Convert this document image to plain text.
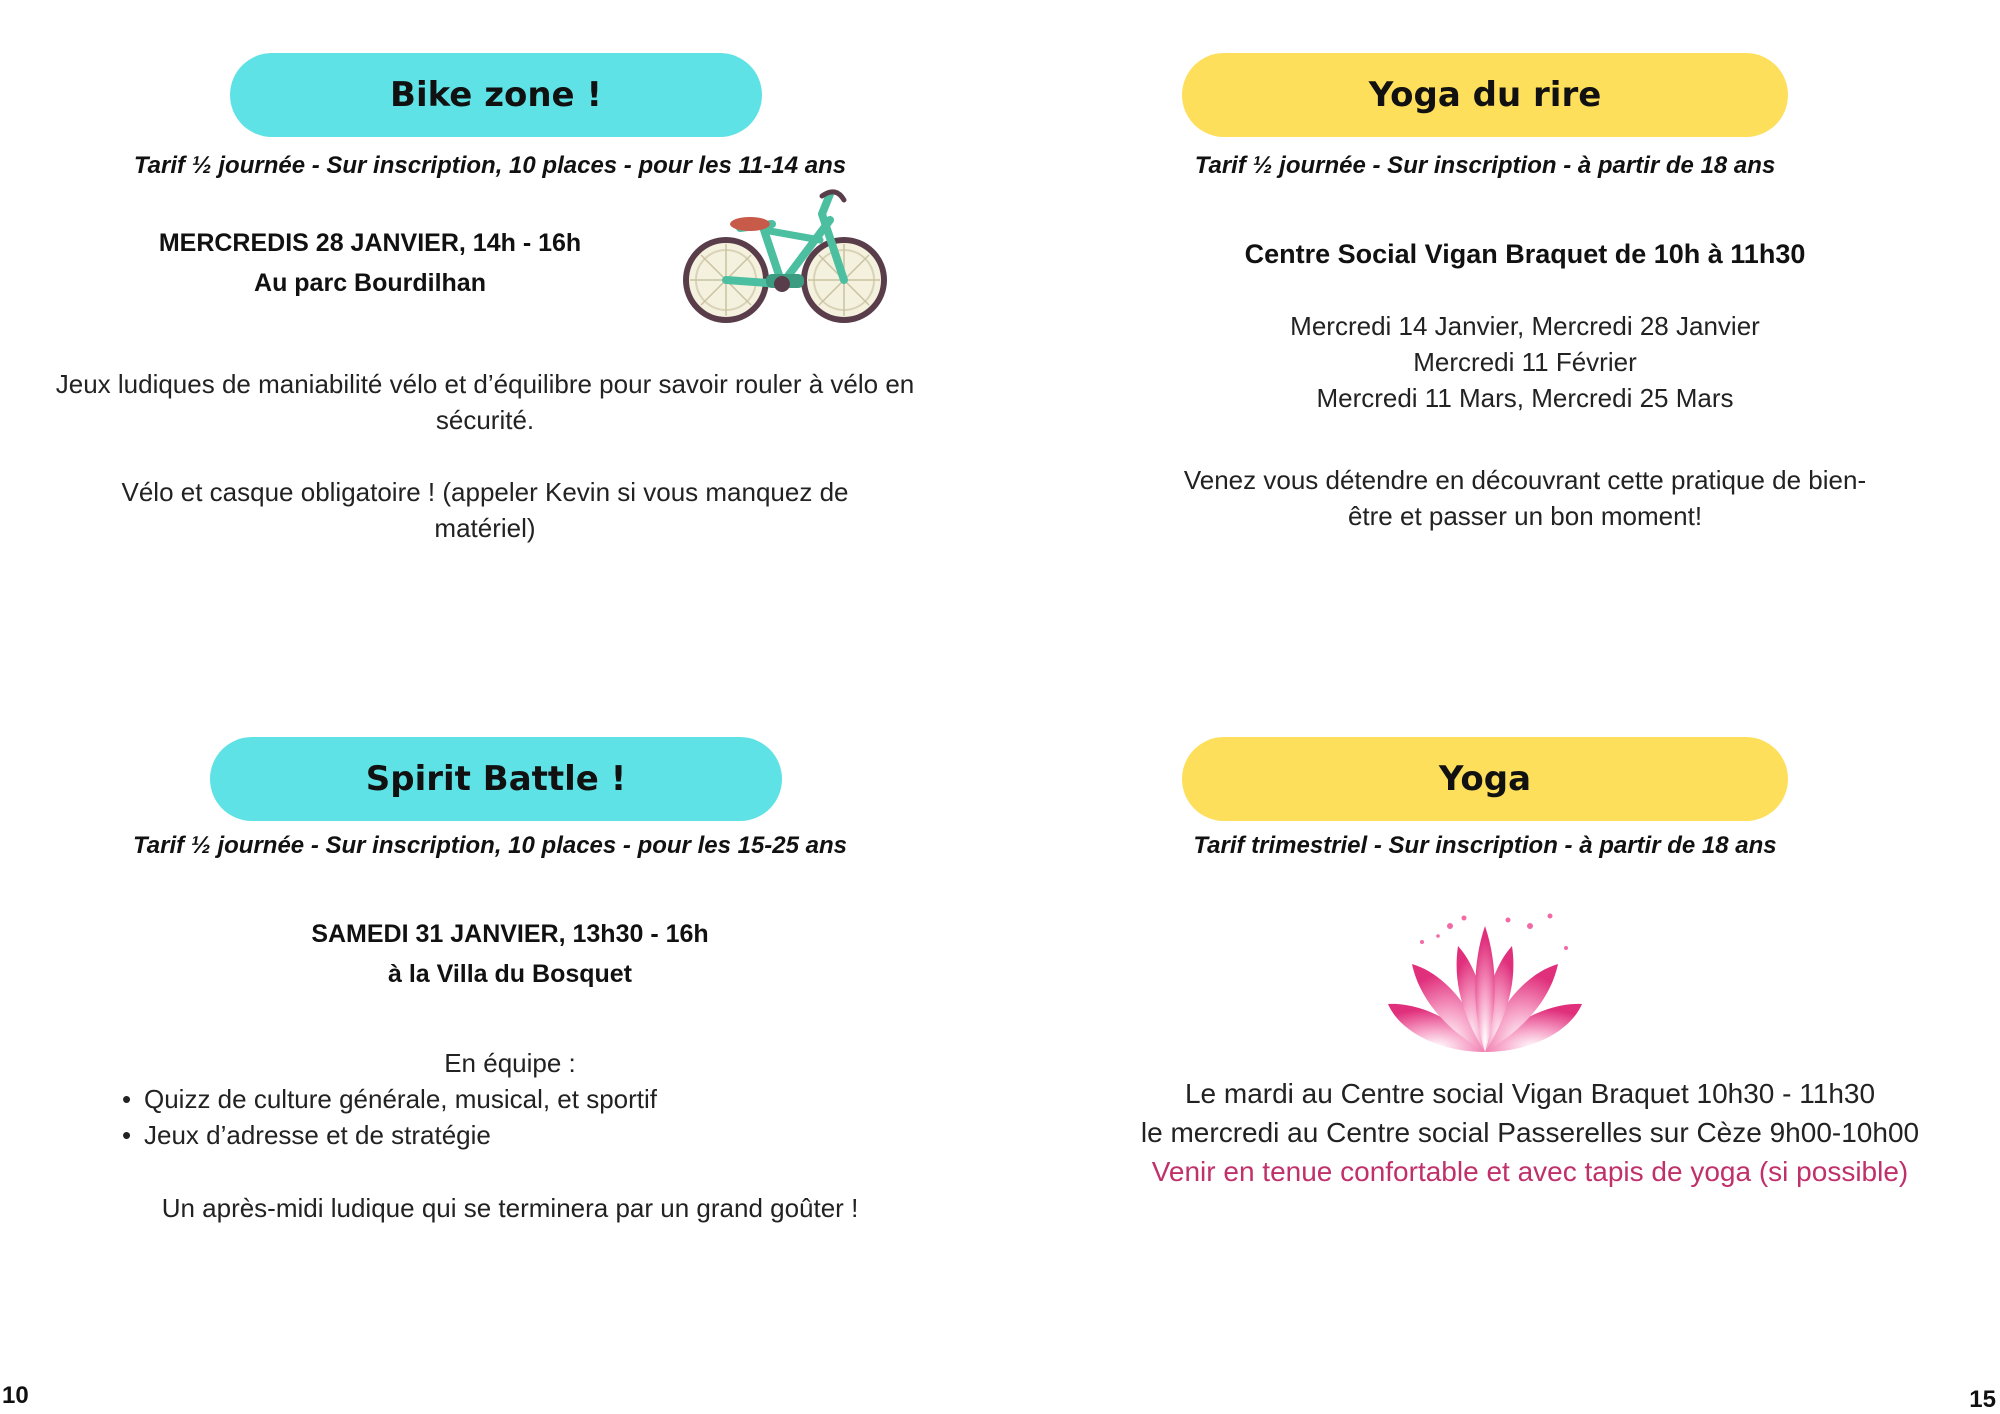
Bike zone !
Tarif ½ journée - Sur inscription, 10 places - pour les 11-14 ans
MERCREDIS 28 JANVIER, 14h - 16h
Au parc Bourdilhan

Jeux ludiques de maniabilité vélo et d’équilibre pour savoir rouler à vélo en sécurité.

Vélo et casque obligatoire ! (appeler Kevin si vous manquez de matériel)

Yoga du rire
Tarif ½ journée - Sur inscription - à partir de 18 ans
Centre Social Vigan Braquet de 10h à 11h30

Mercredi 14 Janvier, Mercredi 28 Janvier

Mercredi 11 Février

Mercredi 11 Mars, Mercredi 25 Mars

Venez vous détendre en découvrant cette pratique de bien-être et passer un bon moment!

Spirit Battle !
Tarif ½ journée - Sur inscription, 10 places - pour les 15-25 ans
SAMEDI 31 JANVIER, 13h30 - 16h
à la Villa du Bosquet
En équipe :
• Quizz de culture générale, musical, et sportif
• Jeux d’adresse et de stratégie
Un après-midi ludique qui se terminera par un grand goûter !
Yoga
Tarif trimestriel - Sur inscription - à partir de 18 ans

Le mardi au Centre social Vigan Braquet 10h30 - 11h30

le mercredi au Centre social Passerelles sur Cèze 9h00-10h00

Venir en tenue confortable et avec tapis de yoga (si possible)

10	15
